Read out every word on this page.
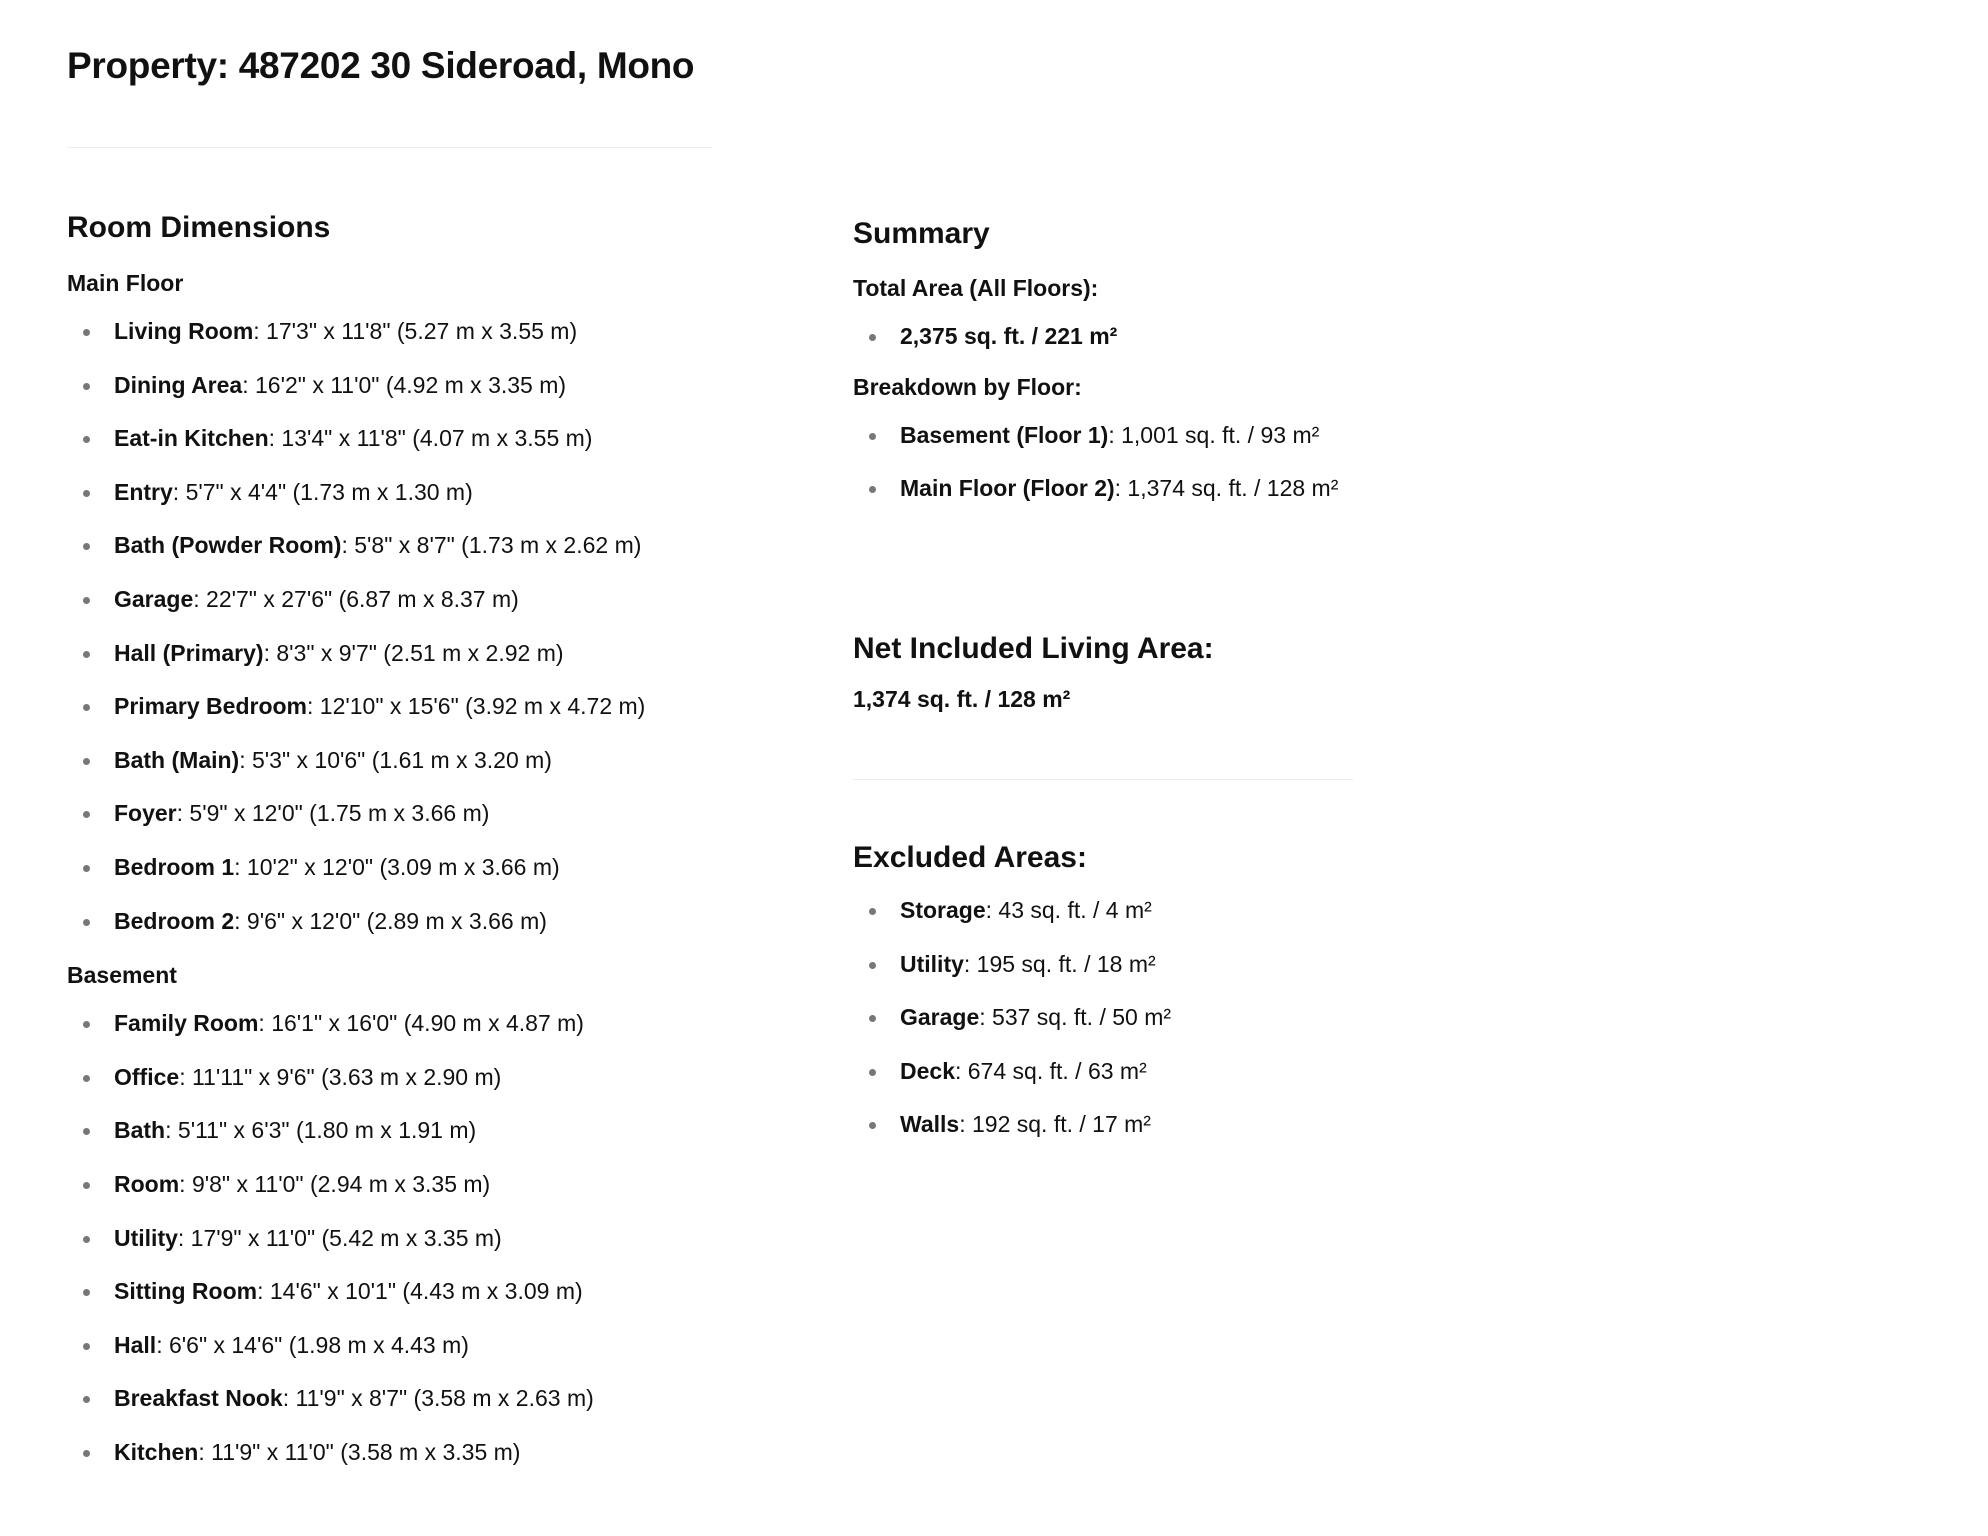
Property: 487202 30 Sideroad, Mono
Room Dimensions
Main Floor
Living Room: 17'3" x 11'8" (5.27 m x 3.55 m)
Dining Area: 16'2" x 11'0" (4.92 m x 3.35 m)
Eat-in Kitchen: 13'4" x 11'8" (4.07 m x 3.55 m)
Entry: 5'7" x 4'4" (1.73 m x 1.30 m)
Bath (Powder Room): 5'8" x 8'7" (1.73 m x 2.62 m)
Garage: 22'7" x 27'6" (6.87 m x 8.37 m)
Hall (Primary): 8'3" x 9'7" (2.51 m x 2.92 m)
Primary Bedroom: 12'10" x 15'6" (3.92 m x 4.72 m)
Bath (Main): 5'3" x 10'6" (1.61 m x 3.20 m)
Foyer: 5'9" x 12'0" (1.75 m x 3.66 m)
Bedroom 1: 10'2" x 12'0" (3.09 m x 3.66 m)
Bedroom 2: 9'6" x 12'0" (2.89 m x 3.66 m)
Basement
Family Room: 16'1" x 16'0" (4.90 m x 4.87 m)
Office: 11'11" x 9'6" (3.63 m x 2.90 m)
Bath: 5'11" x 6'3" (1.80 m x 1.91 m)
Room: 9'8" x 11'0" (2.94 m x 3.35 m)
Utility: 17'9" x 11'0" (5.42 m x 3.35 m)
Sitting Room: 14'6" x 10'1" (4.43 m x 3.09 m)
Hall: 6'6" x 14'6" (1.98 m x 4.43 m)
Breakfast Nook: 11'9" x 8'7" (3.58 m x 2.63 m)
Kitchen: 11'9" x 11'0" (3.58 m x 3.35 m)
Summary
Total Area (All Floors):
2,375 sq. ft. / 221 m²
Breakdown by Floor:
Basement (Floor 1): 1,001 sq. ft. / 93 m²
Main Floor (Floor 2): 1,374 sq. ft. / 128 m²
Net Included Living Area:
1,374 sq. ft. / 128 m²
Excluded Areas:
Storage: 43 sq. ft. / 4 m²
Utility: 195 sq. ft. / 18 m²
Garage: 537 sq. ft. / 50 m²
Deck: 674 sq. ft. / 63 m²
Walls: 192 sq. ft. / 17 m²
